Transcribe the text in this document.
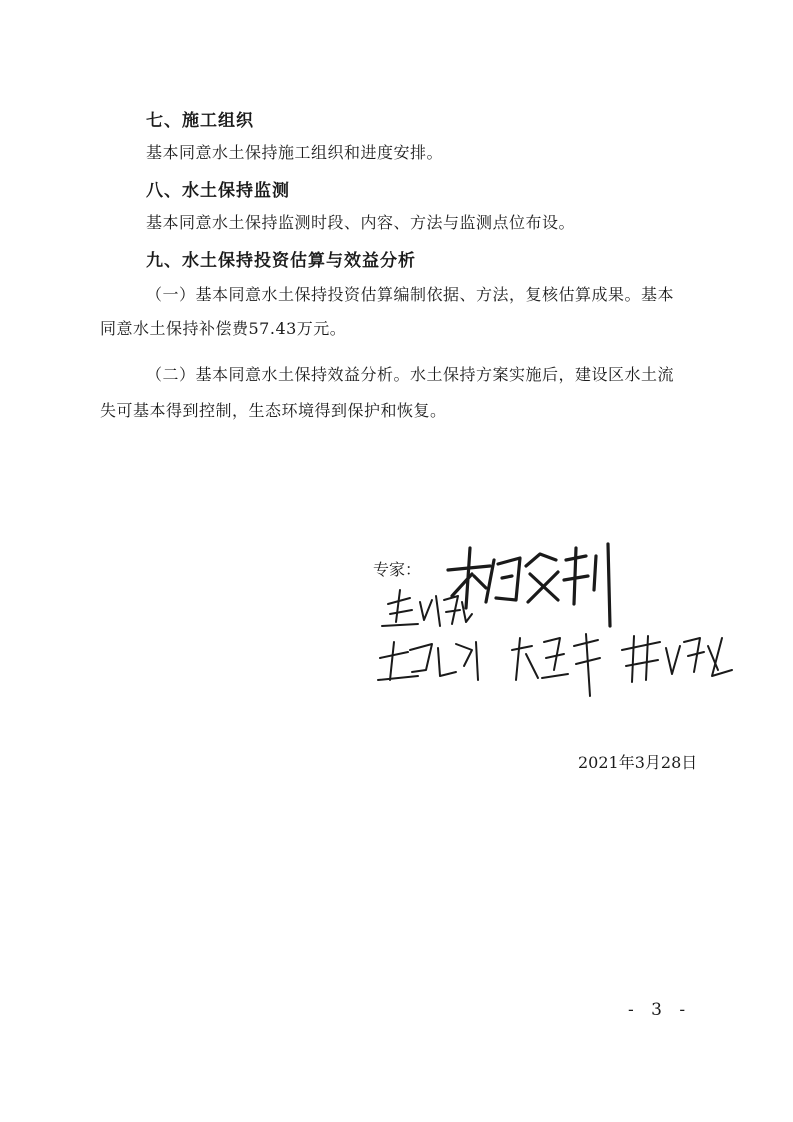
七、施工组织
基本同意水土保持施工组织和进度安排。
八、水土保持监测
基本同意水土保持监测时段、内容、方法与监测点位布设。
九、水土保持投资估算与效益分析
（一）基本同意水土保持投资估算编制依据、方法，复核估算成果。基本
同意水土保持补偿费57.43万元。
（二）基本同意水土保持效益分析。水土保持方案实施后，建设区水土流
失可基本得到控制，生态环境得到保护和恢复。
专家：
2021年3月28日
- 3 -
